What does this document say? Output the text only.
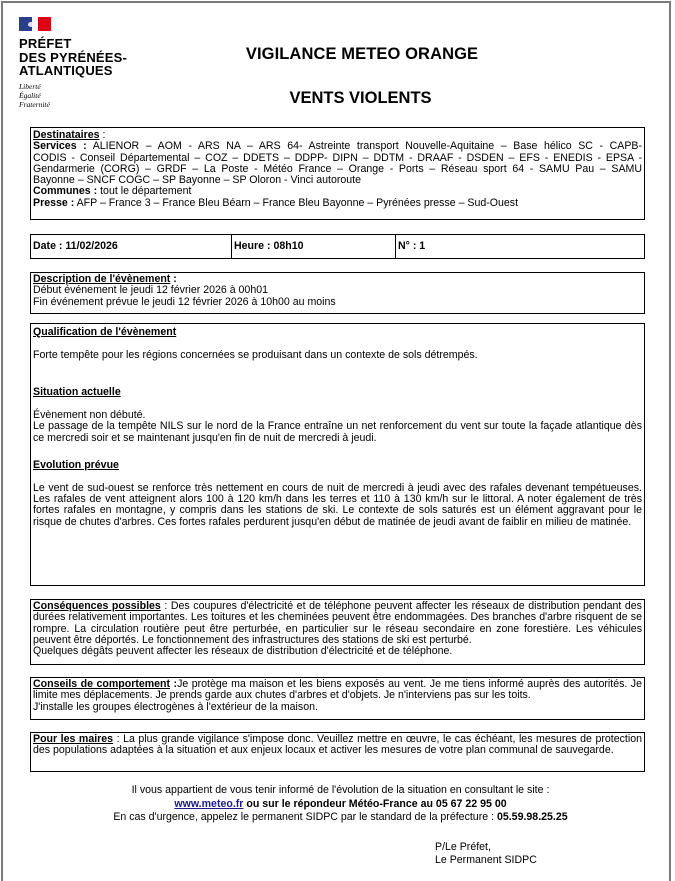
PRÉFET
DES PYRÉNÉES-
ATLANTIQUES
Liberté
Égalité
Fraternité
VIGILANCE METEO ORANGE
VENTS VIOLENTS
Destinataires :
Services : ALIENOR – AOM - ARS NA – ARS 64- Astreinte transport Nouvelle-Aquitaine – Base hélico SC - CAPB-
CODIS - Conseil Départemental – COZ – DDETS – DDPP- DIPN – DDTM - DRAAF - DSDEN – EFS - ENEDIS - EPSA -
Gendarmerie (CORG) – GRDF – La Poste - Météo France – Orange - Ports – Réseau sport 64 - SAMU Pau – SAMU
Bayonne – SNCF COGC – SP Bayonne – SP Oloron - Vinci autoroute
Communes : tout le département
Presse : AFP – France 3 – France Bleu Béarn – France Bleu Bayonne – Pyrénées presse – Sud-Ouest
Date : 11/02/2026	Heure : 08h10	N° : 1
Description de l'évènement :
Début événement le jeudi 12 février 2026 à 00h01
Fin événement prévue le jeudi 12 février 2026 à 10h00 au moins
Qualification de l'évènement
Forte tempête pour les régions concernées se produisant dans un contexte de sols détrempés.
Situation actuelle
Évènement non débuté.
Le passage de la tempête NILS sur le nord de la France entraîne un net renforcement du vent sur toute la façade atlantique dès ce mercredi soir et se maintenant jusqu'en fin de nuit de mercredi à jeudi.
Evolution prévue
Le vent de sud-ouest se renforce très nettement en cours de nuit de mercredi à jeudi avec des rafales devenant tempétueuses. Les rafales de vent atteignent alors 100 à 120 km/h dans les terres et 110 à 130 km/h sur le littoral. A noter également de très fortes rafales en montagne, y compris dans les stations de ski. Le contexte de sols saturés est un élément aggravant pour le risque de chutes d'arbres. Ces fortes rafales perdurent jusqu'en début de matinée de jeudi avant de faiblir en milieu de matinée.
Conséquences possibles : Des coupures d'électricité et de téléphone peuvent affecter les réseaux de distribution pendant des durées relativement importantes. Les toitures et les cheminées peuvent être endommagées. Des branches d'arbre risquent de se rompre. La circulation routière peut être perturbée, en particulier sur le réseau secondaire en zone forestière. Les véhicules peuvent être déportés. Le fonctionnement des infrastructures des stations de ski est perturbé.
Quelques dégâts peuvent affecter les réseaux de distribution d'électricité et de téléphone.
Conseils de comportement :Je protège ma maison et les biens exposés au vent. Je me tiens informé auprès des autorités. Je limite mes déplacements. Je prends garde aux chutes d'arbres et d'objets. Je n'interviens pas sur les toits.
J'installe les groupes électrogènes à l'extérieur de la maison.
Pour les maires : La plus grande vigilance s'impose donc. Veuillez mettre en œuvre, le cas échéant, les mesures de protection des populations adaptées à la situation et aux enjeux locaux et activer les mesures de votre plan communal de sauvegarde.
Il vous appartient de vous tenir informé de l'évolution de la situation en consultant le site :
www.meteo.fr ou sur le répondeur Météo-France au 05 67 22 95 00
En cas d'urgence, appelez le permanent SIDPC par le standard de la préfecture : 05.59.98.25.25
P/Le Préfet,
Le Permanent SIDPC
